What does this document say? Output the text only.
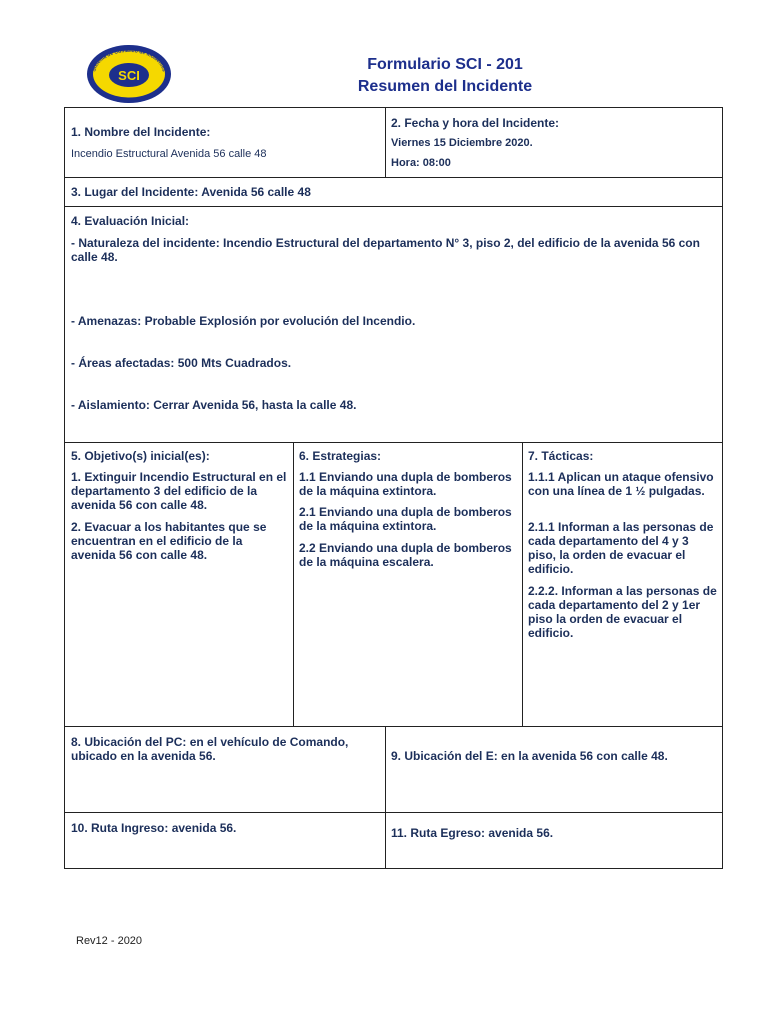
Sistema de Comando de Incidentes
SCI
Formulario SCI - 201
Resumen del Incidente
1. Nombre del Incidente:
Incendio Estructural Avenida 56 calle 48
2. Fecha y hora del Incidente:
Viernes 15 Diciembre 2020.
Hora: 08:00
3. Lugar del Incidente: Avenida 56 calle 48
4. Evaluación Inicial:
- Naturaleza del incidente: Incendio Estructural del departamento N° 3, piso 2, del edificio de la avenida 56 con calle 48.
- Amenazas: Probable Explosión por evolución del Incendio.
- Áreas afectadas: 500 Mts Cuadrados.
- Aislamiento: Cerrar Avenida 56, hasta la calle 48.
5. Objetivo(s) inicial(es):
1. Extinguir Incendio Estructural en el departamento 3 del edificio de la avenida 56 con calle 48.
2. Evacuar a los habitantes que se encuentran en el edificio de la avenida 56 con calle 48.
6. Estrategias:
1.1 Enviando una dupla de bomberos de la máquina extintora.
2.1 Enviando una dupla de bomberos de la máquina extintora.
2.2 Enviando una dupla de bomberos de la máquina escalera.
7. Tácticas:
1.1.1 Aplican un ataque ofensivo con una línea de 1 ½ pulgadas.
2.1.1 Informan a las personas de cada departamento del 4 y 3 piso, la orden de evacuar el edificio.
2.2.2. Informan a las personas de cada departamento del 2 y 1er piso la orden de evacuar el edificio.
8. Ubicación del PC: en el vehículo de Comando, ubicado en la avenida 56.	9. Ubicación del E: en la avenida 56 con calle 48.
10. Ruta Ingreso: avenida 56.	11. Ruta Egreso: avenida 56.
Rev12 - 2020
